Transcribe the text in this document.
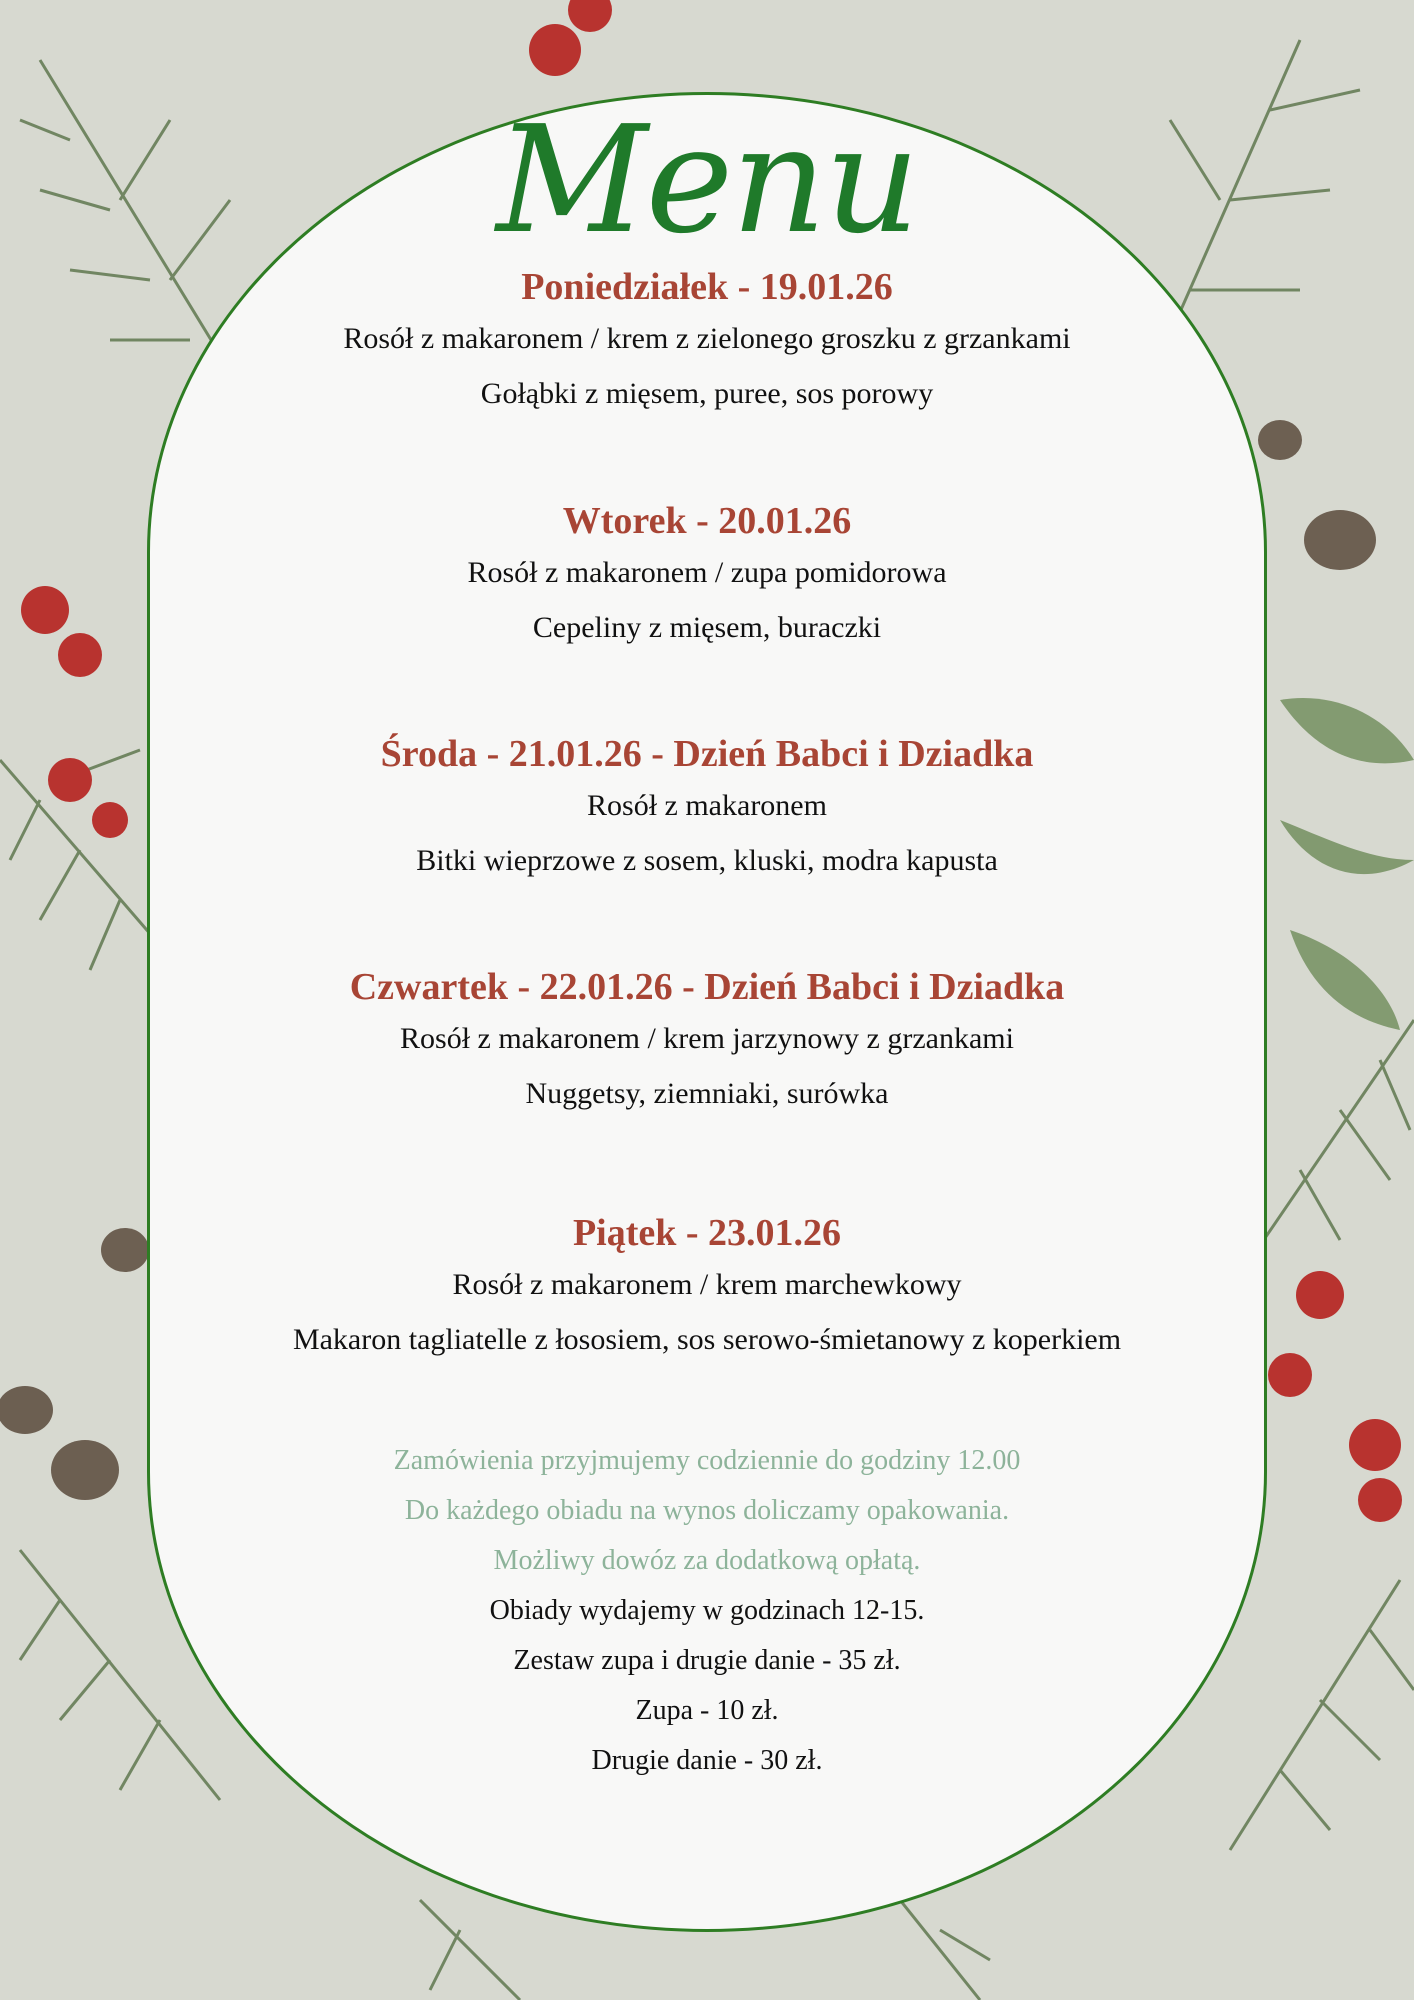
Menu
Poniedziałek - 19.01.26

Rosół z makaronem / krem z zielonego groszku z grzankami

Gołąbki z mięsem, puree, sos porowy

Wtorek - 20.01.26

Rosół z makaronem / zupa pomidorowa

Cepeliny z mięsem, buraczki

Środa - 21.01.26 - Dzień Babci i Dziadka

Rosół z makaronem

Bitki wieprzowe z sosem, kluski, modra kapusta

Czwartek - 22.01.26 - Dzień Babci i Dziadka

Rosół z makaronem / krem jarzynowy z grzankami

Nuggetsy, ziemniaki, surówka

Piątek - 23.01.26

Rosół z makaronem / krem marchewkowy

Makaron tagliatelle z łososiem, sos serowo-śmietanowy z koperkiem

Zamówienia przyjmujemy codziennie do godziny 12.00

Do każdego obiadu na wynos doliczamy opakowania.

Możliwy dowóz za dodatkową opłatą.

Obiady wydajemy w godzinach 12-15.

Zestaw zupa i drugie danie - 35 zł.

Zupa - 10 zł.

Drugie danie - 30 zł.
